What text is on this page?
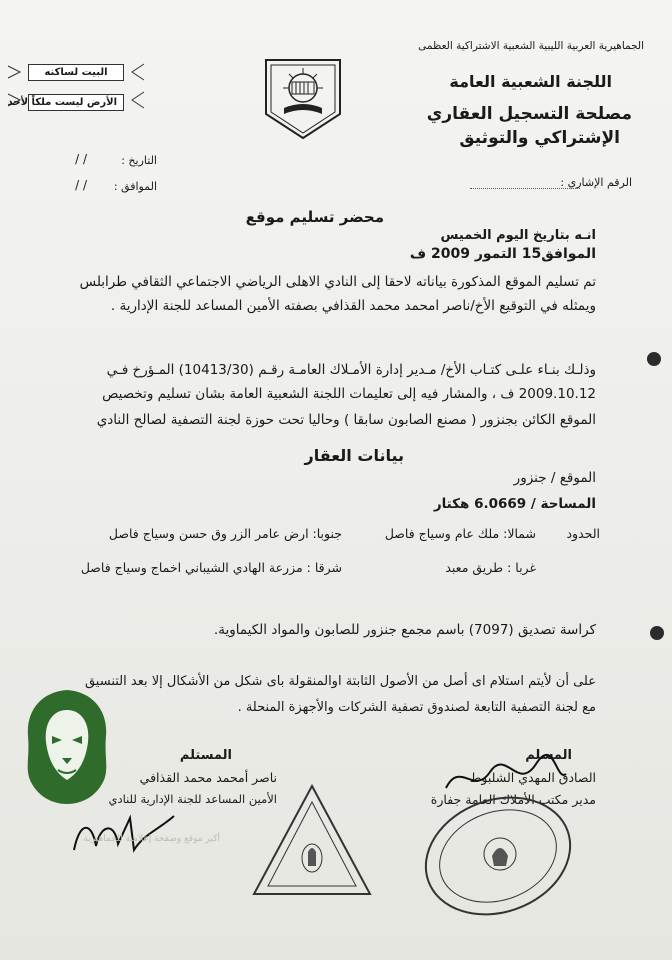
الجماهيرية العربية الليبية الشعبية الاشتراكية العظمى
اللجنة الشعبية العامة
مصلحة التسجيل العقاري
الإشتراكي والتوثيق
البيت لساكنه
الأرض ليست ملكاً لأحد
التاريخ :
/ /
الموافق :
/ /	الرقم الإشاري :
محضر تسليم موقع
انـه بتاريخ اليوم الخميس
الموافق15 التمور 2009 ف
تم تسليم الموقع المذكورة بياناته لاحقا إلى النادي الاهلى الرياضي الاجتماعي الثقافي طرابلس
ويمثله في التوقيع الأخ/ناصر امحمد محمد القذافي بصفته الأمين المساعد للجنة الإدارية .
وذلـك بنـاء علـى كتـاب الأخ/ مـدير إدارة الأمـلاك العامـة رقـم (10413/30) المـؤرخ فـي
2009.10.12 ف ، والمشار فيه إلى تعليمات اللجنة الشعبية العامة بشان تسليم وتخصيص
الموقع الكائن بجنزور ( مصنع الصابون سابقا ) وحاليا تحت حوزة لجنة التصفية لصالح النادي
بيانات العقار
الموقع / جنزور
المساحة / 6.0669 هكتار
الحدود
شمالا: ملك عام وسياج فاصل
جنوبا: ارض عامر الزر وق حسن وسياج فاصل
غربا : طريق معبد
شرقا : مزرعة الهادي الشيباني اخماج وسياج فاصل
كراسة تصديق (7097) باسم مجمع جنزور للصابون والمواد الكيماوية.
على أن لأيتم استلام اى أصل من الأصول الثابتة اوالمنقولة باى شكل من الأشكال إلا بعد التنسيق
مع لجنة التصفية التابعة لصندوق تصفية الشركات والأجهزة المنحلة .
المسلم
الصادق المهدي الشلبوط
مدير مكتب الأملاك العامة جفارة
المستلم
ناصر أمحمد محمد القذافي
الأمين المساعد للجنة الإدارية للنادي
أكبر موقع وصفحة إعلامية للجماهيرية
